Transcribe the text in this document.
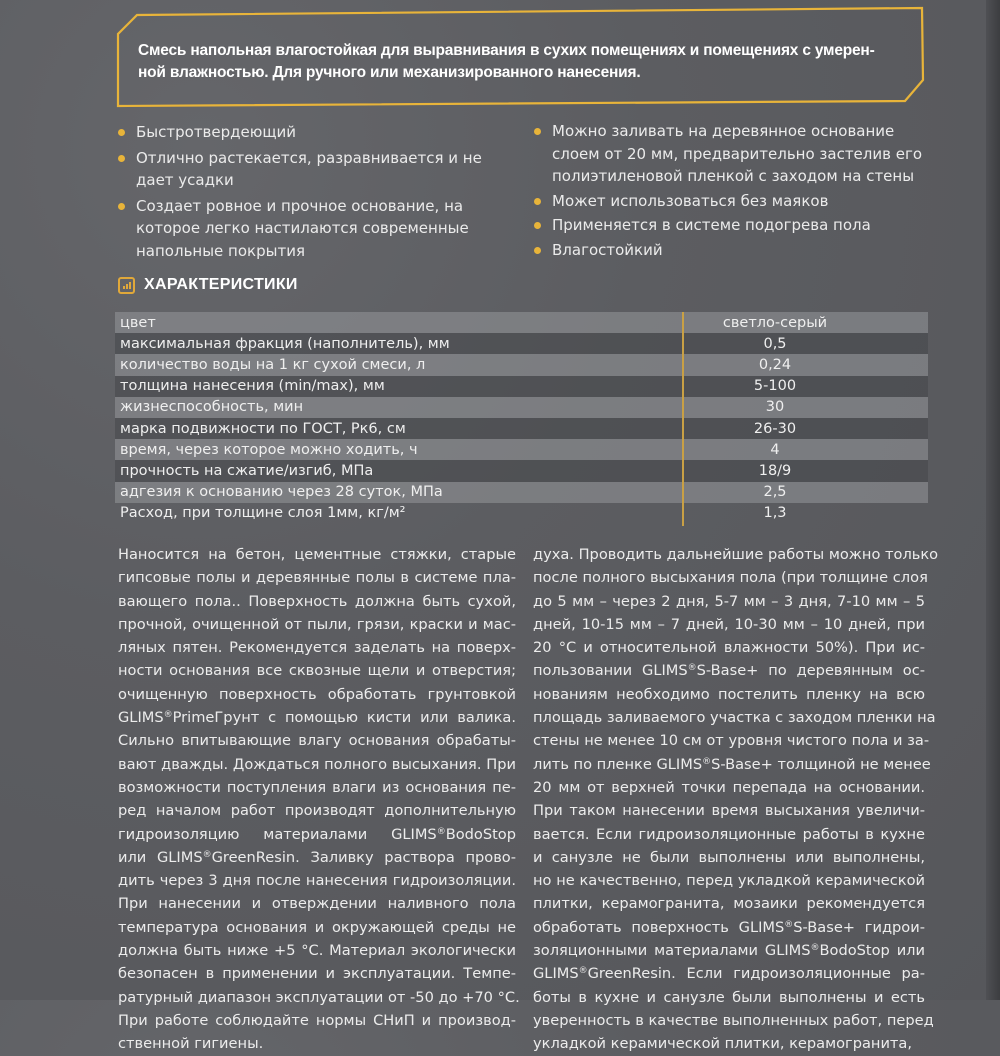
Смесь напольная влагостойкая для выравнивания в сухих помещениях и помещениях с умерен-
ной влажностью. Для ручного или механизированного нанесения.
Быстротвердеющий
Отлично растекается, разравнивается и не дает усадки
Создает ровное и прочное основание, на которое легко настилаются современные напольные покрытия
Можно заливать на деревянное основание слоем от 20 мм, предварительно застелив его полиэтиленовой пленкой с заходом на стены
Может использоваться без маяков
Применяется в системе подогрева пола
Влагостойкий
ХАРАКТЕРИСТИКИ
цвет	светло-серый
максимальная фракция (наполнитель), мм	0,5
количество воды на 1 кг сухой смеси, л	0,24
толщина нанесения (min/max), мм	5-100
жизнеспособность, мин	30
марка подвижности по ГОСТ, Рк6, см	26-30
время, через которое можно ходить, ч	4
прочность на сжатие/изгиб, МПа	18/9
адгезия к основанию через 28 суток, МПа	2,5
Расход, при толщине слоя 1мм, кг/м²	1,3
Наносится на бетон, цементные стяжки, старые
гипсовые полы и деревянные полы в системе пла-
вающего пола.. Поверхность должна быть сухой,
прочной, очищенной от пыли, грязи, краски и мас-
ляных пятен. Рекомендуется заделать на поверх-
ности основания все сквозные щели и отверстия;
очищенную поверхность обработать грунтовкой
GLIMS®PrimeГрунт с помощью кисти или валика.
Сильно впитывающие влагу основания обрабаты-
вают дважды. Дождаться полного высыхания. При
возможности поступления влаги из основания пе-
ред началом работ производят дополнительную
гидроизоляцию материалами GLIMS®BodoStop
или GLIMS®GreenResin. Заливку раствора прово-
дить через 3 дня после нанесения гидроизоляции.
При нанесении и отверждении наливного пола
температура основания и окружающей среды не
должна быть ниже +5 °С. Материал экологически
безопасен в применении и эксплуатации. Темпе-
ратурный диапазон эксплуатации от -50 до +70 °С.
При работе соблюдайте нормы СНиП и производ-
ственной гигиены.
духа. Проводить дальнейшие работы можно только
после полного высыхания пола (при толщине слоя
до 5 мм – через 2 дня, 5-7 мм – 3 дня, 7-10 мм – 5
дней, 10-15 мм – 7 дней, 10-30 мм – 10 дней, при
20 °С и относительной влажности 50%). При ис-
пользовании GLIMS®S-Base+ по деревянным ос-
нованиям необходимо постелить пленку на всю
площадь заливаемого участка с заходом пленки на
стены не менее 10 см от уровня чистого пола и за-
лить по пленке GLIMS®S-Base+ толщиной не менее
20 мм от верхней точки перепада на основании.
При таком нанесении время высыхания увеличи-
вается. Если гидроизоляционные работы в кухне
и санузле не были выполнены или выполнены,
но не качественно, перед укладкой керамической
плитки, керамогранита, мозаики рекомендуется
обработать поверхность GLIMS®S-Base+ гидрои-
золяционными материалами GLIMS®BodoStop или
GLIMS®GreenResin. Если гидроизоляционные ра-
боты в кухне и санузле были выполнены и есть
уверенность в качестве выполненных работ, перед
укладкой керамической плитки, керамогранита,
